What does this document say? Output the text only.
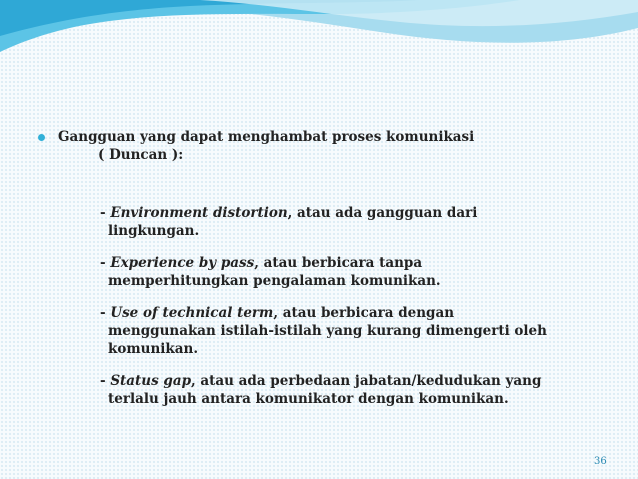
Gangguan yang dapat menghambat proses komunikasi
( Duncan ):
- Environment distortion, atau ada gangguan dari
lingkungan.
- Experience by pass, atau berbicara tanpa
memperhitungkan pengalaman komunikan.
- Use of technical term, atau berbicara dengan
menggunakan istilah-istilah yang kurang dimengerti oleh
komunikan.
- Status gap, atau ada perbedaan jabatan/kedudukan yang
terlalu jauh antara komunikator dengan komunikan.
36
